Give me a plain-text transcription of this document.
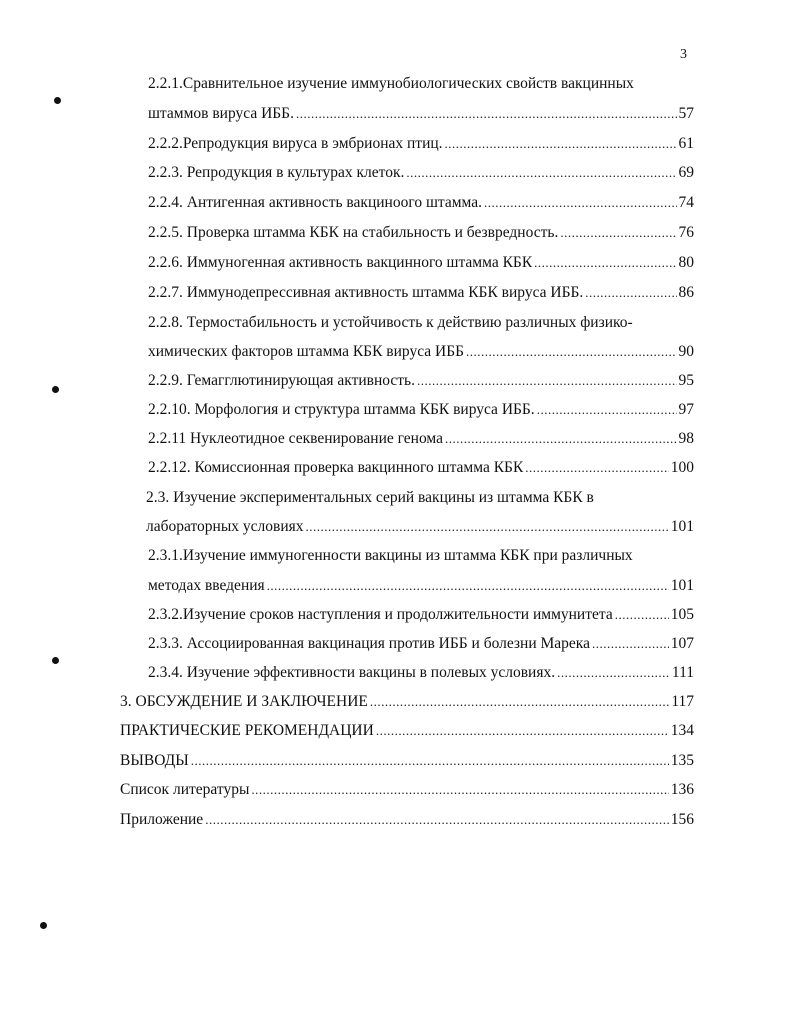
3
2.2.1.Сравнительное изучение иммунобиологических свойств вакцинных
штаммов вируса ИББ. .....	57
2.2.2.Репродукция вируса в эмбрионах птиц. .....	61
2.2.3. Репродукция в культурах клеток. .....	69
2.2.4. Антигенная активность вакциноого штамма. .....	74
2.2.5. Проверка штамма КБК на стабильность и безвредность. .....	76
2.2.6. Иммуногенная активность вакцинного штамма КБК .....	80
2.2.7. Иммунодепрессивная активность штамма КБК вируса ИББ. .....	86
2.2.8. Термостабильность и устойчивость к действию различных физико-
химических факторов штамма КБК вируса ИББ .....	90
2.2.9. Гемагглютинирующая активность. .....	95
2.2.10. Морфология и структура штамма КБК вируса ИББ. .....	97
2.2.11 Нуклеотидное секвенирование генома .....	98
2.2.12. Комиссионная проверка вакцинного штамма КБК .....	100
2.3. Изучение экспериментальных серий вакцины из штамма КБК в
лабораторных условиях .....	101
2.3.1.Изучение иммуногенности вакцины из штамма КБК при различных
методах введения .....	101
2.3.2.Изучение сроков наступления и продолжительности иммунитета .....	105
2.3.3. Ассоциированная вакцинация против ИББ и болезни Марека .....	107
2.3.4. Изучение эффективности вакцины в полевых условиях. .....	111
3. ОБСУЖДЕНИЕ И ЗАКЛЮЧЕНИЕ .....	117
ПРАКТИЧЕСКИЕ РЕКОМЕНДАЦИИ .....	134
ВЫВОДЫ .....	135
Список литературы .....	136
Приложение .....	156
